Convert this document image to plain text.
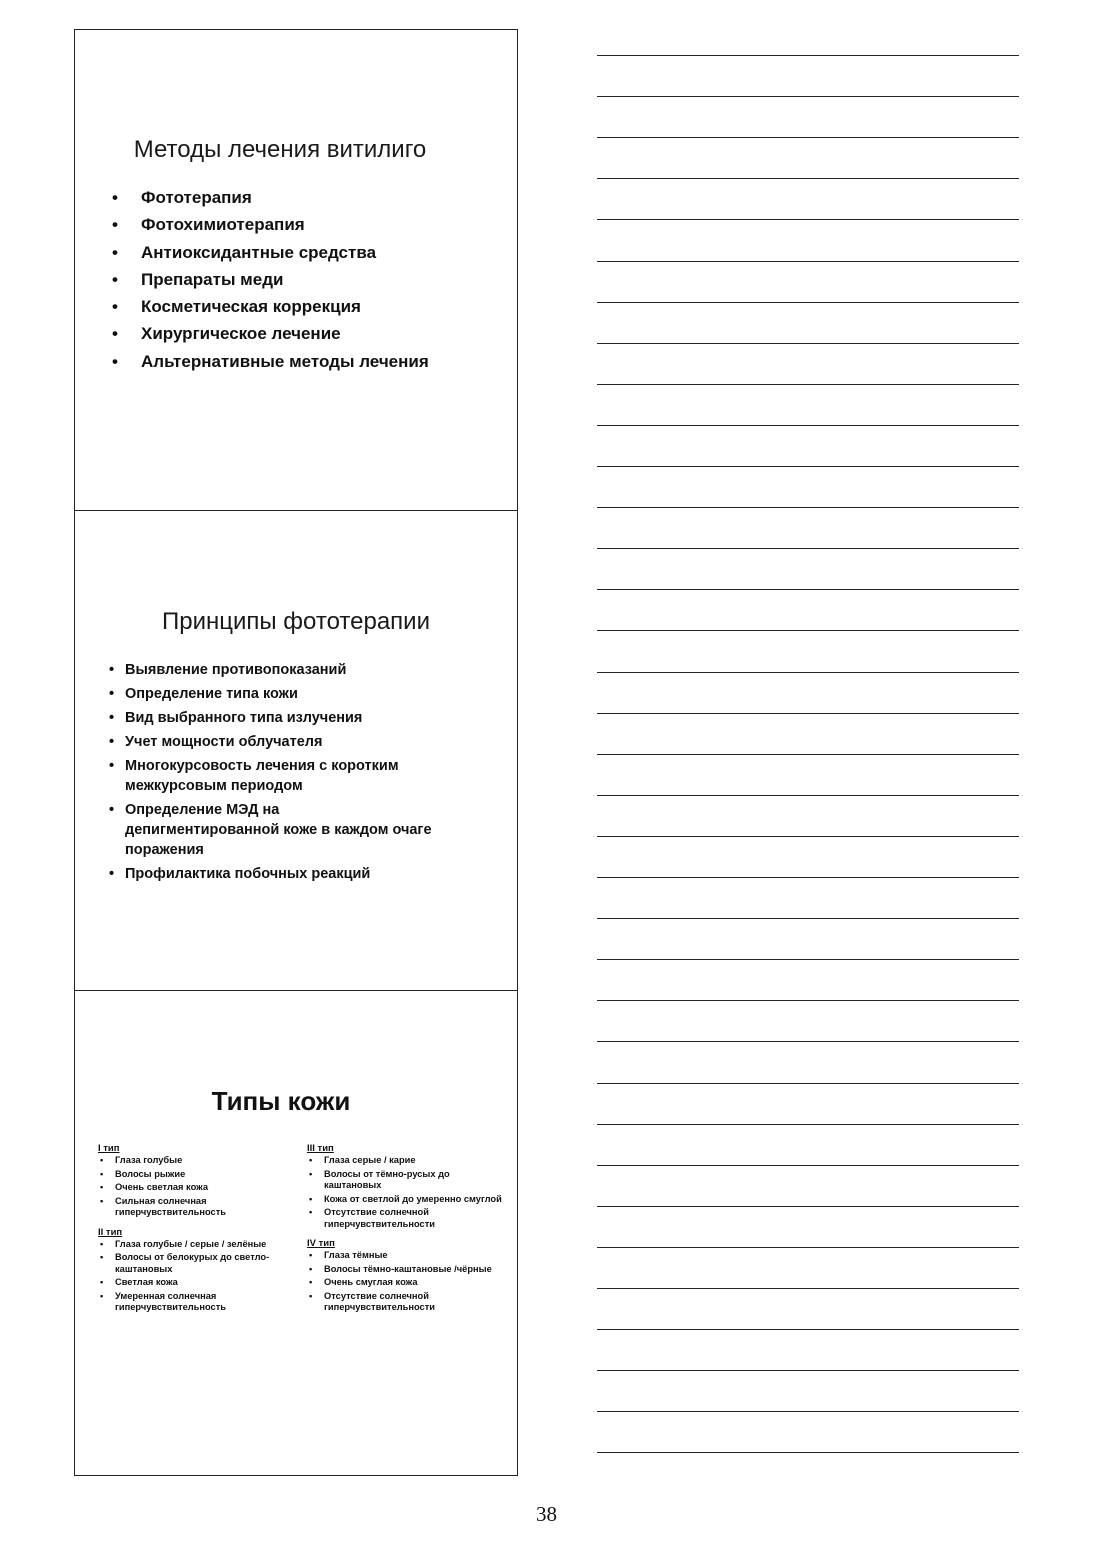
Методы лечения витилиго
• Фототерапия
• Фотохимиотерапия
• Антиоксидантные средства
• Препараты меди
• Косметическая коррекция
• Хирургическое лечение
• Альтернативные методы лечения
Принципы фототерапии
• Выявление противопоказаний
• Определение типа кожи
• Вид выбранного типа излучения
• Учет мощности облучателя
• Многокурсовость лечения с коротким межкурсовым периодом
• Определение МЭД на депигментированной коже в каждом очаге поражения
• Профилактика побочных реакций
Типы кожи
I тип
• Глаза голубые
• Волосы рыжие
• Очень светлая кожа
• Сильная солнечная гиперчувствительность
II тип
• Глаза голубые / серые / зелёные
• Волосы от белокурых до светло-каштановых
• Светлая кожа
• Умеренная солнечная гиперчувствительность
III тип
• Глаза серые / карие
• Волосы от тёмно-русых до каштановых
• Кожа от светлой до умеренно смуглой
• Отсутствие солнечной гиперчувствительности
IV тип
• Глаза тёмные
• Волосы тёмно-каштановые /чёрные
• Очень смуглая кожа
• Отсутствие солнечной гиперчувствительности
38
